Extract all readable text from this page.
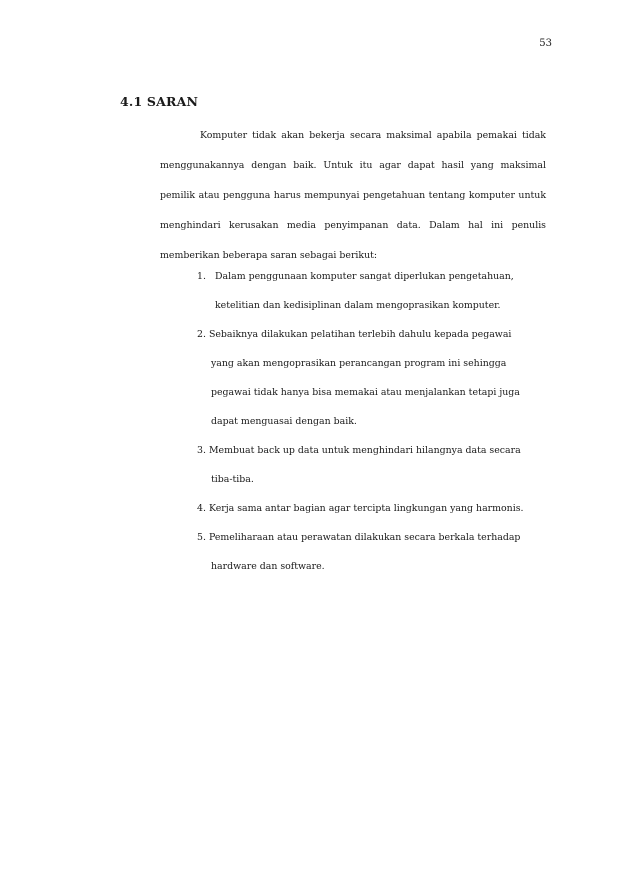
53
4.1 SARAN

Komputer tidak akan bekerja secara maksimal apabila pemakai tidak menggunakannya dengan baik. Untuk itu agar dapat hasil yang maksimal pemilik atau pengguna harus mempunyai pengetahuan tentang komputer untuk menghindari kerusakan media penyimpanan data. Dalam hal ini penulis memberikan beberapa saran sebagai berikut:

1. Dalam penggunaan komputer sangat diperlukan pengetahuan,
ketelitian dan kedisiplinan dalam mengoprasikan komputer.
2. Sebaiknya dilakukan pelatihan terlebih dahulu kepada pegawai
yang akan mengoprasikan perancangan program ini sehingga
pegawai tidak hanya bisa memakai atau menjalankan tetapi juga
dapat menguasai dengan baik.
3. Membuat back up data untuk menghindari hilangnya data secara
tiba-tiba.
4. Kerja sama antar bagian agar tercipta lingkungan yang harmonis.
5. Pemeliharaan atau perawatan dilakukan secara berkala terhadap
hardware dan software.
